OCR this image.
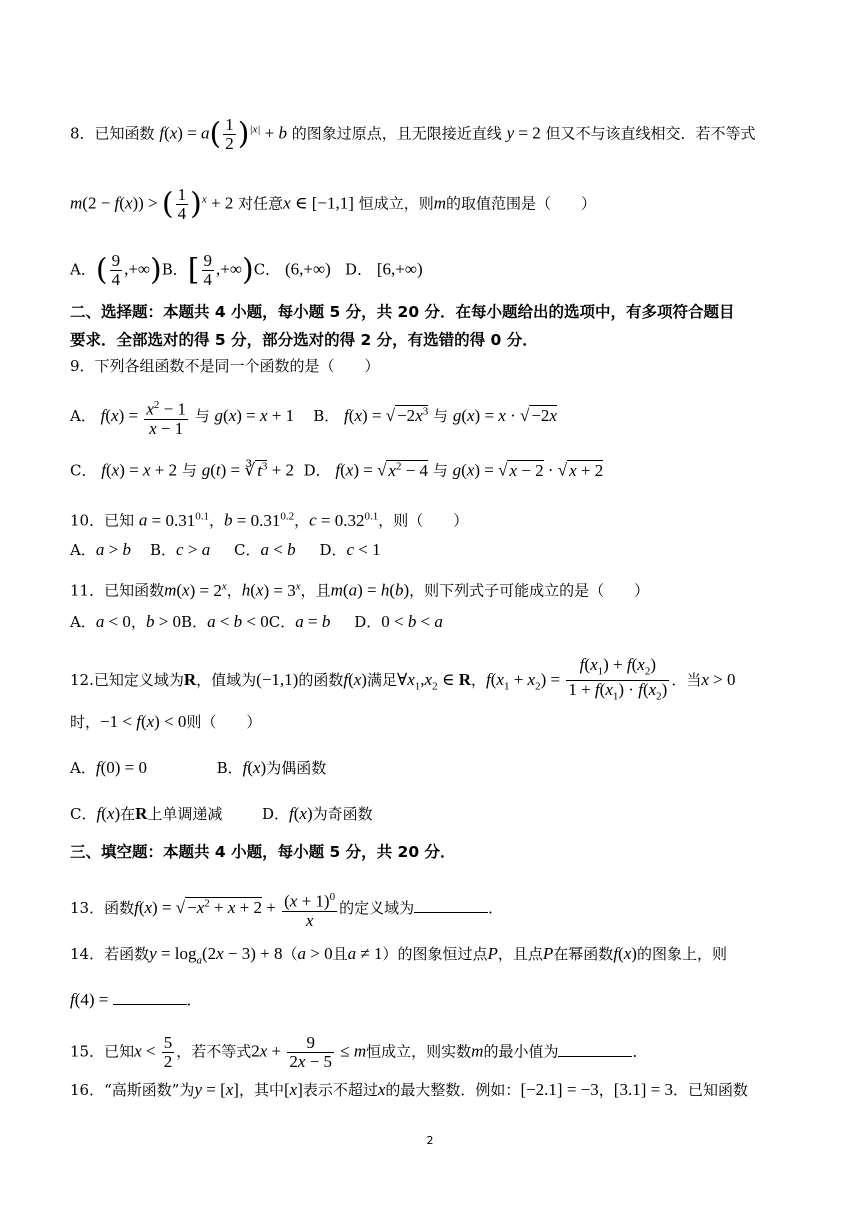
8．已知函数 $f(x) = a( \frac{1}{2} )^{|x|} + b$ 的图象过原点，且无限接近直线 y = 2 但又不与该直线相交．若不等式
m(2 − f(x)) > ( $\frac{1}{4} )^x + 2$ 对任意x ∈ [−1,1] 恒成立，则m的取值范围是（　　）
A．( $\frac{9}{4} ,+\infty)B$．[ $\frac{9}{4} ,+\infty)C$． (6,+∞) D． [6,+∞)
二、选择题：本题共 4 小题，每小题 5 分，共 20 分．在每小题给出的选项中，有多项符合题目
要求．全部选对的得 5 分，部分选对的得 2 分，有选错的得 0 分．
9．下列各组函数不是同一个函数的是（　　）
A． $f(x) = \frac{x^2 - 1}{x - 1}$ 与 g(x) = x + 1 B． f(x) = √ $-2x^3$ 与 g(x) = x · √ −2x
C． f(x) = x + 2 与 g(t) = ∛ $t^3 + 2$ D． f(x) = √ $x^2 - 4$ 与 g(x) = √ x − 2 · √ x + 2
10．已知 $a = 0.31^{0.1}$，$b = 0.31^{0.2}$，$c = 0.32^{0.1}$，则（　　）
A．a > b B．c > a C．a < b D．c < 1
11．已知函数$m(x) = 2^x$，$h(x) = 3^x$，且m(a) = h(b)，则下列式子可能成立的是（　　）
A．a < 0，b > 0B．a < b < 0C．a = b D．0 < b < a
12.已知定义域为R，值域为(−1,1)的函数f(x)满足$\forall x_1,x_2$ ∈ R，$f(x_1 + x_2) = \frac{f(x_1) + f(x_2)}{1 + f(x_1) \cdot f(x_2)}$ ．当x > 0
时，−1 < f(x) < 0则（　　）
A．f(0) = 0	B．f(x)为偶函数
C．f(x)在R上单调递减	D．f(x)为奇函数
三、填空题：本题共 4 小题，每小题 5 分，共 20 分．
13．函数f(x) = √ $-x^2 + x + 2 + \frac{(x + 1)^0}{x}$ 的定义域为	．
14．若函数$y = \log_a(2x - 3) + 8(a > 0$且a ≠ 1）的图象恒过点P，且点P在幂函数f(x)的图象上，则
f(4) =	．
15．已知$x < \frac{5}{2}$ ，若不等式$2x + \frac{9}{2x - 5} \le m$恒成立，则实数m的最小值为	．
16．“高斯函数”为y = [x]，其中[x]表示不超过x的最大整数．例如：[−2.1] = −3，[3.1] = 3．已知函数
2
